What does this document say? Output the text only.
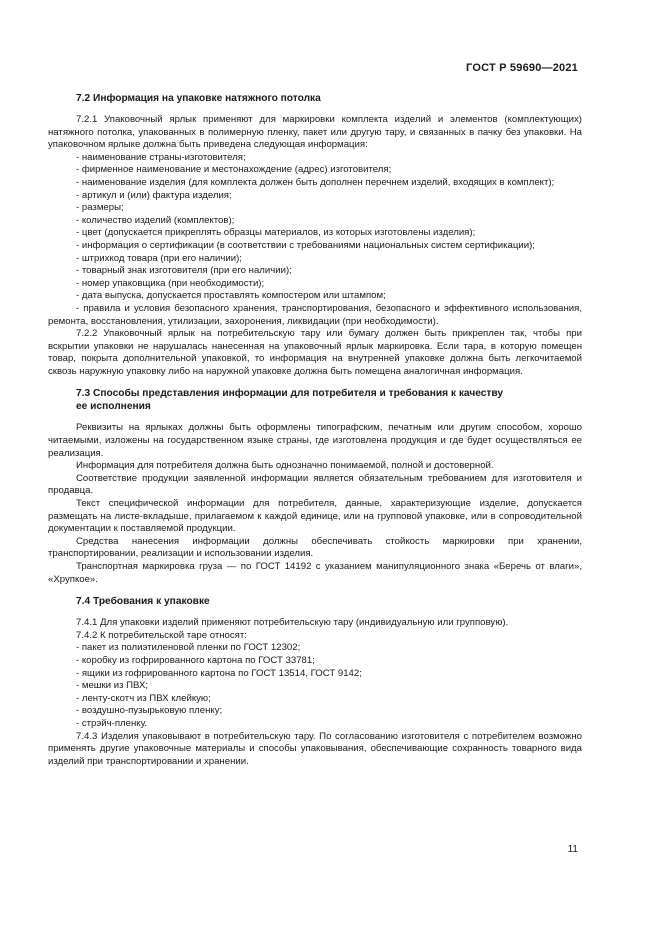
ГОСТ Р 59690—2021
7.2 Информация на упаковке натяжного потолка

7.2.1 Упаковочный ярлык применяют для маркировки комплекта изделий и элементов (комплектующих) натяжного потолка, упакованных в полимерную пленку, пакет или другую тару, и связанных в пачку без упаковки. На упаковочном ярлыке должна быть приведена следующая информация:

- наименование страны-изготовителя;

- фирменное наименование и местонахождение (адрес) изготовителя;

- наименование изделия (для комплекта должен быть дополнен перечнем изделий, входящих в комплект);

- артикул и (или) фактура изделия;

- размеры;

- количество изделий (комплектов);

- цвет (допускается прикреплять образцы материалов, из которых изготовлены изделия);

- информация о сертификации (в соответствии с требованиями национальных систем сертификации);

- штрихкод товара (при его наличии);

- товарный знак изготовителя (при его наличии);

- номер упаковщика (при необходимости);

- дата выпуска, допускается проставлять компостером или штампом;

- правила и условия безопасного хранения, транспортирования, безопасного и эффективного использования, ремонта, восстановления, утилизации, захоронения, ликвидации (при необходимости).

7.2.2 Упаковочный ярлык на потребительскую тару или бумагу должен быть прикреплен так, чтобы при вскрытии упаковки не нарушалась нанесенная на упаковочный ярлык маркировка. Если тара, в которую помещен товар, покрыта дополнительной упаковкой, то информация на внутренней упаковке должна быть легкочитаемой сквозь наружную упаковку либо на наружной упаковке должна быть помещена аналогичная информация.

7.3 Способы представления информации для потребителя и требования к качеству
ее исполнения

Реквизиты на ярлыках должны быть оформлены типографским, печатным или другим способом, хорошо читаемыми, изложены на государственном языке страны, где изготовлена продукция и где будет осуществляться ее реализация.

Информация для потребителя должна быть однозначно понимаемой, полной и достоверной.

Соответствие продукции заявленной информации является обязательным требованием для изготовителя и продавца.

Текст специфической информации для потребителя, данные, характеризующие изделие, допускается размещать на листе-вкладыше, прилагаемом к каждой единице, или на групповой упаковке, или в сопроводительной документации к поставляемой продукции.

Средства нанесения информации должны обеспечивать стойкость маркировки при хранении, транспортировании, реализации и использовании изделия.

Транспортная маркировка груза — по ГОСТ 14192 с указанием манипуляционного знака «Беречь от влаги», «Хрупкое».

7.4 Требования к упаковке

7.4.1 Для упаковки изделий применяют потребительскую тару (индивидуальную или групповую).

7.4.2 К потребительской таре относят:

- пакет из полиэтиленовой пленки по ГОСТ 12302;

- коробку из гофрированного картона по ГОСТ 33781;

- ящики из гофрированного картона по ГОСТ 13514, ГОСТ 9142;

- мешки из ПВХ;

- ленту-скотч из ПВХ клейкую;

- воздушно-пузырьковую пленку;

- стрэйч-пленку.

7.4.3 Изделия упаковывают в потребительскую тару. По согласованию изготовителя с потребителем возможно применять другие упаковочные материалы и способы упаковывания, обеспечивающие сохранность товарного вида изделий при транспортировании и хранении.

11
